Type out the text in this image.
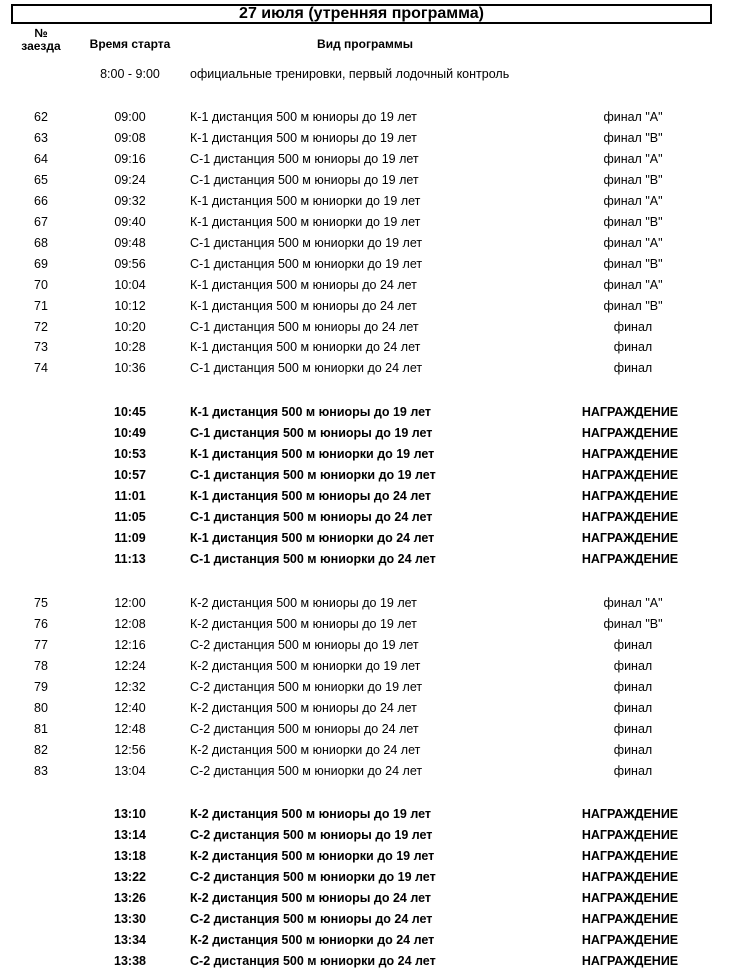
27 июля (утренняя программа)
№
заезда	Время старта	Вид программы
8:00 - 9:00	официальные тренировки, первый лодочный контроль
62	09:00	К-1 дистанция 500 м юниоры до 19 лет	финал "А"
63	09:08	К-1 дистанция 500 м юниоры до 19 лет	финал "В"
64	09:16	С-1 дистанция 500 м юниоры до 19 лет	финал "А"
65	09:24	С-1 дистанция 500 м юниоры до 19 лет	финал "В"
66	09:32	К-1 дистанция 500 м юниорки до 19 лет	финал "А"
67	09:40	К-1 дистанция 500 м юниорки до 19 лет	финал "В"
68	09:48	С-1 дистанция 500 м юниорки до 19 лет	финал "А"
69	09:56	С-1 дистанция 500 м юниорки до 19 лет	финал "В"
70	10:04	К-1 дистанция 500 м юниоры до 24 лет	финал "А"
71	10:12	К-1 дистанция 500 м юниоры до 24 лет	финал "В"
72	10:20	С-1 дистанция 500 м юниоры до 24 лет	финал
73	10:28	К-1 дистанция 500 м юниорки до 24 лет	финал
74	10:36	С-1 дистанция 500 м юниорки до 24 лет	финал
10:45	К-1 дистанция 500 м юниоры до 19 лет	НАГРАЖДЕНИЕ
10:49	С-1 дистанция 500 м юниоры до 19 лет	НАГРАЖДЕНИЕ
10:53	К-1 дистанция 500 м юниорки до 19 лет	НАГРАЖДЕНИЕ
10:57	С-1 дистанция 500 м юниорки до 19 лет	НАГРАЖДЕНИЕ
11:01	К-1 дистанция 500 м юниоры до 24 лет	НАГРАЖДЕНИЕ
11:05	С-1 дистанция 500 м юниоры до 24 лет	НАГРАЖДЕНИЕ
11:09	К-1 дистанция 500 м юниорки до 24 лет	НАГРАЖДЕНИЕ
11:13	С-1 дистанция 500 м юниорки до 24 лет	НАГРАЖДЕНИЕ
75	12:00	К-2 дистанция 500 м юниоры до 19 лет	финал "А"
76	12:08	К-2 дистанция 500 м юниоры до 19 лет	финал "В"
77	12:16	С-2 дистанция 500 м юниоры до 19 лет	финал
78	12:24	К-2 дистанция 500 м юниорки до 19 лет	финал
79	12:32	С-2 дистанция 500 м юниорки до 19 лет	финал
80	12:40	К-2 дистанция 500 м юниоры до 24 лет	финал
81	12:48	С-2 дистанция 500 м юниоры до 24 лет	финал
82	12:56	К-2 дистанция 500 м юниорки до 24 лет	финал
83	13:04	С-2 дистанция 500 м юниорки до 24 лет	финал
13:10	К-2 дистанция 500 м юниоры до 19 лет	НАГРАЖДЕНИЕ
13:14	С-2 дистанция 500 м юниоры до 19 лет	НАГРАЖДЕНИЕ
13:18	К-2 дистанция 500 м юниорки до 19 лет	НАГРАЖДЕНИЕ
13:22	С-2 дистанция 500 м юниорки до 19 лет	НАГРАЖДЕНИЕ
13:26	К-2 дистанция 500 м юниоры до 24 лет	НАГРАЖДЕНИЕ
13:30	С-2 дистанция 500 м юниоры до 24 лет	НАГРАЖДЕНИЕ
13:34	К-2 дистанция 500 м юниорки до 24 лет	НАГРАЖДЕНИЕ
13:38	С-2 дистанция 500 м юниорки до 24 лет	НАГРАЖДЕНИЕ
